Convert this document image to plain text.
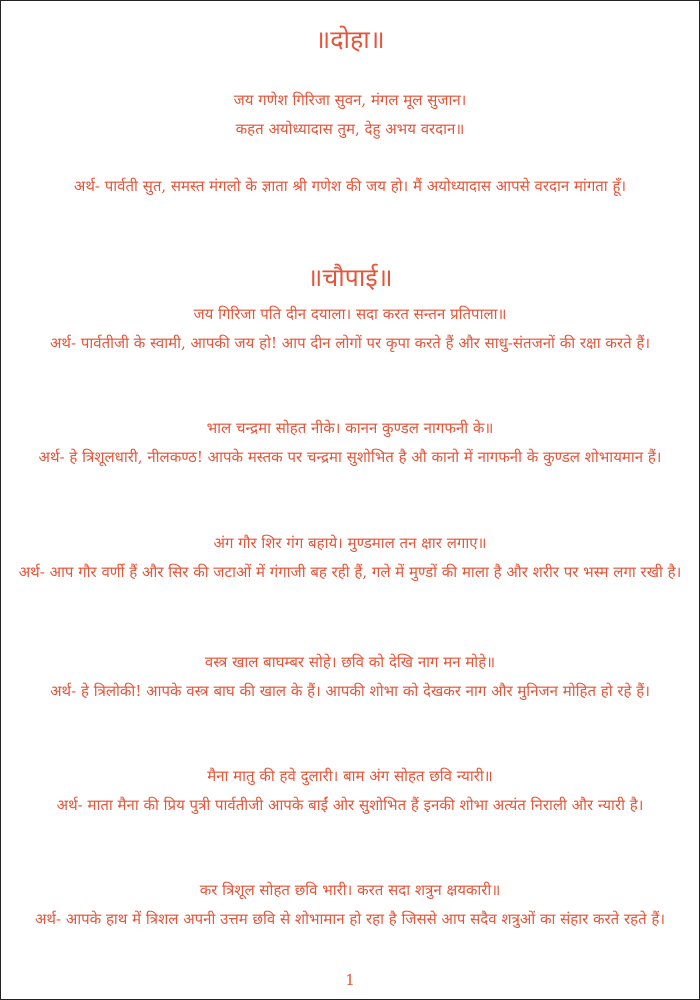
॥दोहा॥
जय गणेश गिरिजा सुवन, मंगल मूल सुजान।
कहत अयोध्यादास तुम, देहु अभय वरदान॥
अर्थ- पार्वती सुत, समस्त मंगलो के ज्ञाता श्री गणेश की जय हो। मैं अयोध्यादास आपसे वरदान मांगता हूँ।
॥चौपाई॥
जय गिरिजा पति दीन दयाला। सदा करत सन्तन प्रतिपाला॥
अर्थ- पार्वतीजी के स्वामी, आपकी जय हो! आप दीन लोगों पर कृपा करते हैं और साधु-संतजनों की रक्षा करते हैं।
भाल चन्द्रमा सोहत नीके। कानन कुण्डल नागफनी के॥
अर्थ- हे त्रिशूलधारी, नीलकण्ठ! आपके मस्तक पर चन्द्रमा सुशोभित है औ कानो में नागफनी के कुण्डल शोभायमान हैं।
अंग गौर शिर गंग बहाये। मुण्डमाल तन क्षार लगाए॥
अर्थ- आप गौर वर्णी हैं और सिर की जटाओं में गंगाजी बह रही हैं, गले में मुण्डों की माला है और शरीर पर भस्म लगा रखी है।
वस्त्र खाल बाघम्बर सोहे। छवि को देखि नाग मन मोहे॥
अर्थ- हे त्रिलोकी! आपके वस्त्र बाघ की खाल के हैं। आपकी शोभा को देखकर नाग और मुनिजन मोहित हो रहे हैं।
मैना मातु की हवे दुलारी। बाम अंग सोहत छवि न्यारी॥
अर्थ- माता मैना की प्रिय पुत्री पार्वतीजी आपके बाईं ओर सुशोभित हैं इनकी शोभा अत्यंत निराली और न्यारी है।
कर त्रिशूल सोहत छवि भारी। करत सदा शत्रुन क्षयकारी॥
अर्थ- आपके हाथ में त्रिशल अपनी उत्तम छवि से शोभामान हो रहा है जिससे आप सदैव शत्रुओं का संहार करते रहते हैं।
1
